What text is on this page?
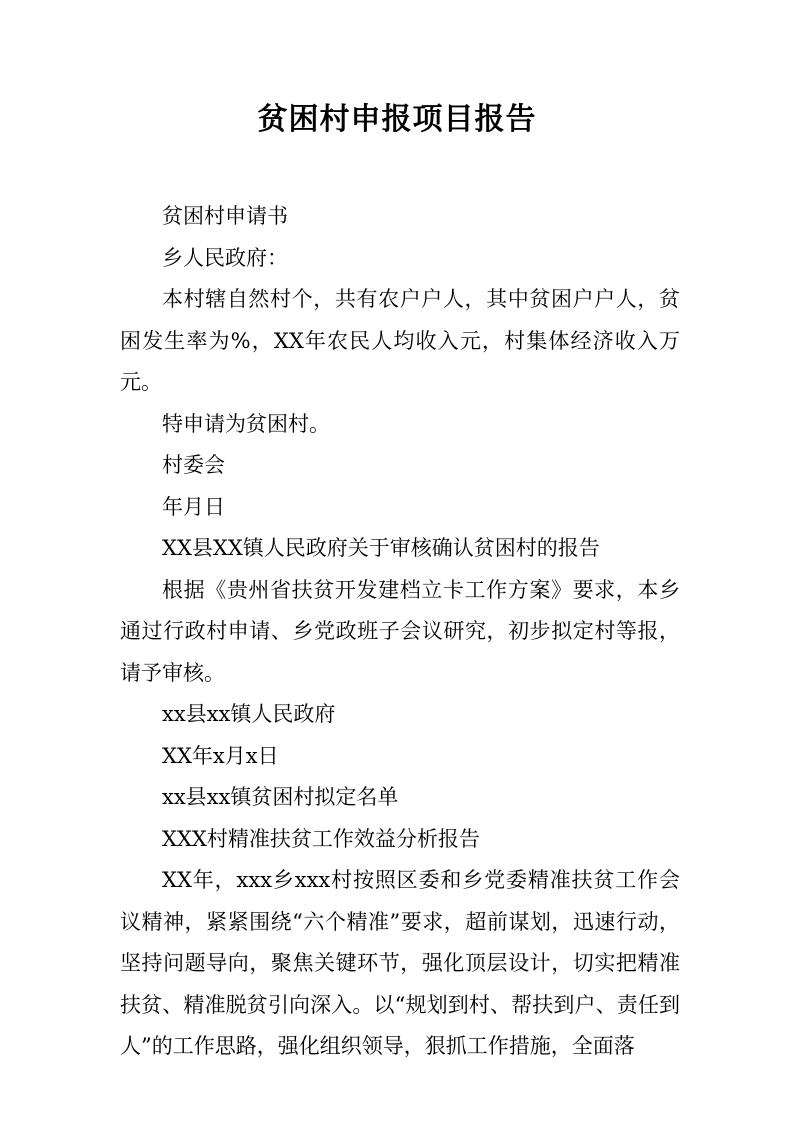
贫困村申报项目报告

贫困村申请书

乡人民政府：

本村辖自然村个，共有农户户人，其中贫困户户人，贫困发生率为%，XX年农民人均收入元，村集体经济收入万元。

特申请为贫困村。

村委会

年月日

XX县XX镇人民政府关于审核确认贫困村的报告

根据《贵州省扶贫开发建档立卡工作方案》要求，本乡通过行政村申请、乡党政班子会议研究，初步拟定村等报，请予审核。

xx县xx镇人民政府

XX年x月x日

xx县xx镇贫困村拟定名单

XXX村精准扶贫工作效益分析报告

XX年，xxx乡xxx村按照区委和乡党委精准扶贫工作会议精神，紧紧围绕“六个精准”要求，超前谋划，迅速行动，坚持问题导向，聚焦关键环节，强化顶层设计，切实把精准扶贫、精准脱贫引向深入。以“规划到村、帮扶到户、责任到人”的工作思路，强化组织领导，狠抓工作措施，全面落
